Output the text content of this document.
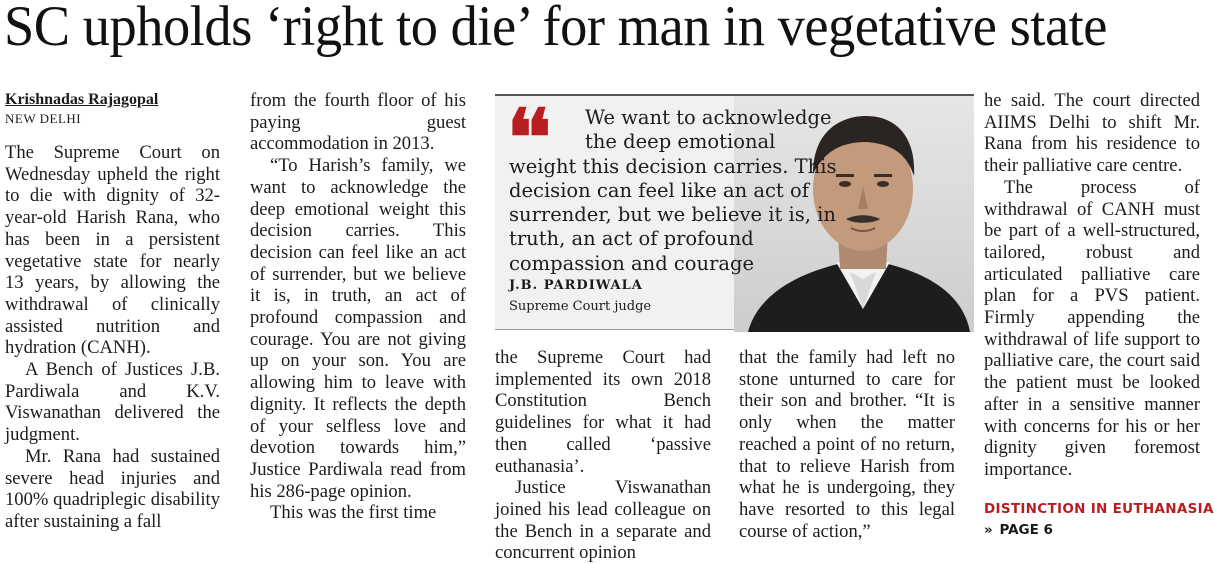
SC upholds ‘right to die’ for man in vegetative state
Krishnadas Rajagopal
NEW DELHI

The Supreme Court on Wednesday upheld the right to die with dignity of 32-year-old Harish Rana, who has been in a persistent vegetative state for nearly 13 years, by allowing the withdrawal of clinically assisted nutrition and hydration (CANH).

A Bench of Justices J.B. Pardiwala and K.V. Viswanathan delivered the judgment.

Mr. Rana had sustained severe head injuries and 100% quadriplegic disability after sustaining a fall

from the fourth floor of his paying guest accommodation in 2013.

“To Harish’s family, we want to acknowledge the deep emotional weight this decision carries. This decision can feel like an act of surrender, but we believe it is, in truth, an act of profound compassion and courage. You are not giving up on your son. You are allowing him to leave with dignity. It reflects the depth of your selfless love and devotion towards him,” Justice Pardiwala read from his 286-page opinion.

This was the first time

❛❛	We want to acknowledge
the deep emotional
weight this decision carries. This decision can feel like an act of surrender, but we believe it is, in truth, an act of profound compassion and courage
J.B. PARDIWALA
Supreme Court judge

the Supreme Court had implemented its own 2018 Constitution Bench guidelines for what it had then called ‘passive euthanasia’.

Justice Viswanathan joined his lead colleague on the Bench in a separate and concurrent opinion

that the family had left no stone unturned to care for their son and brother. “It is only when the matter reached a point of no return, that to relieve Harish from what he is undergoing, they have resorted to this legal course of action,”

he said. The court directed AIIMS Delhi to shift Mr. Rana from his residence to their palliative care centre.

The process of withdrawal of CANH must be part of a well-structured, tailored, robust and articulated palliative care plan for a PVS patient. Firmly appending the withdrawal of life support to palliative care, the court said the patient must be looked after in a sensitive manner with concerns for his or her dignity given foremost importance.

DISTINCTION IN EUTHANASIA
» PAGE 6
